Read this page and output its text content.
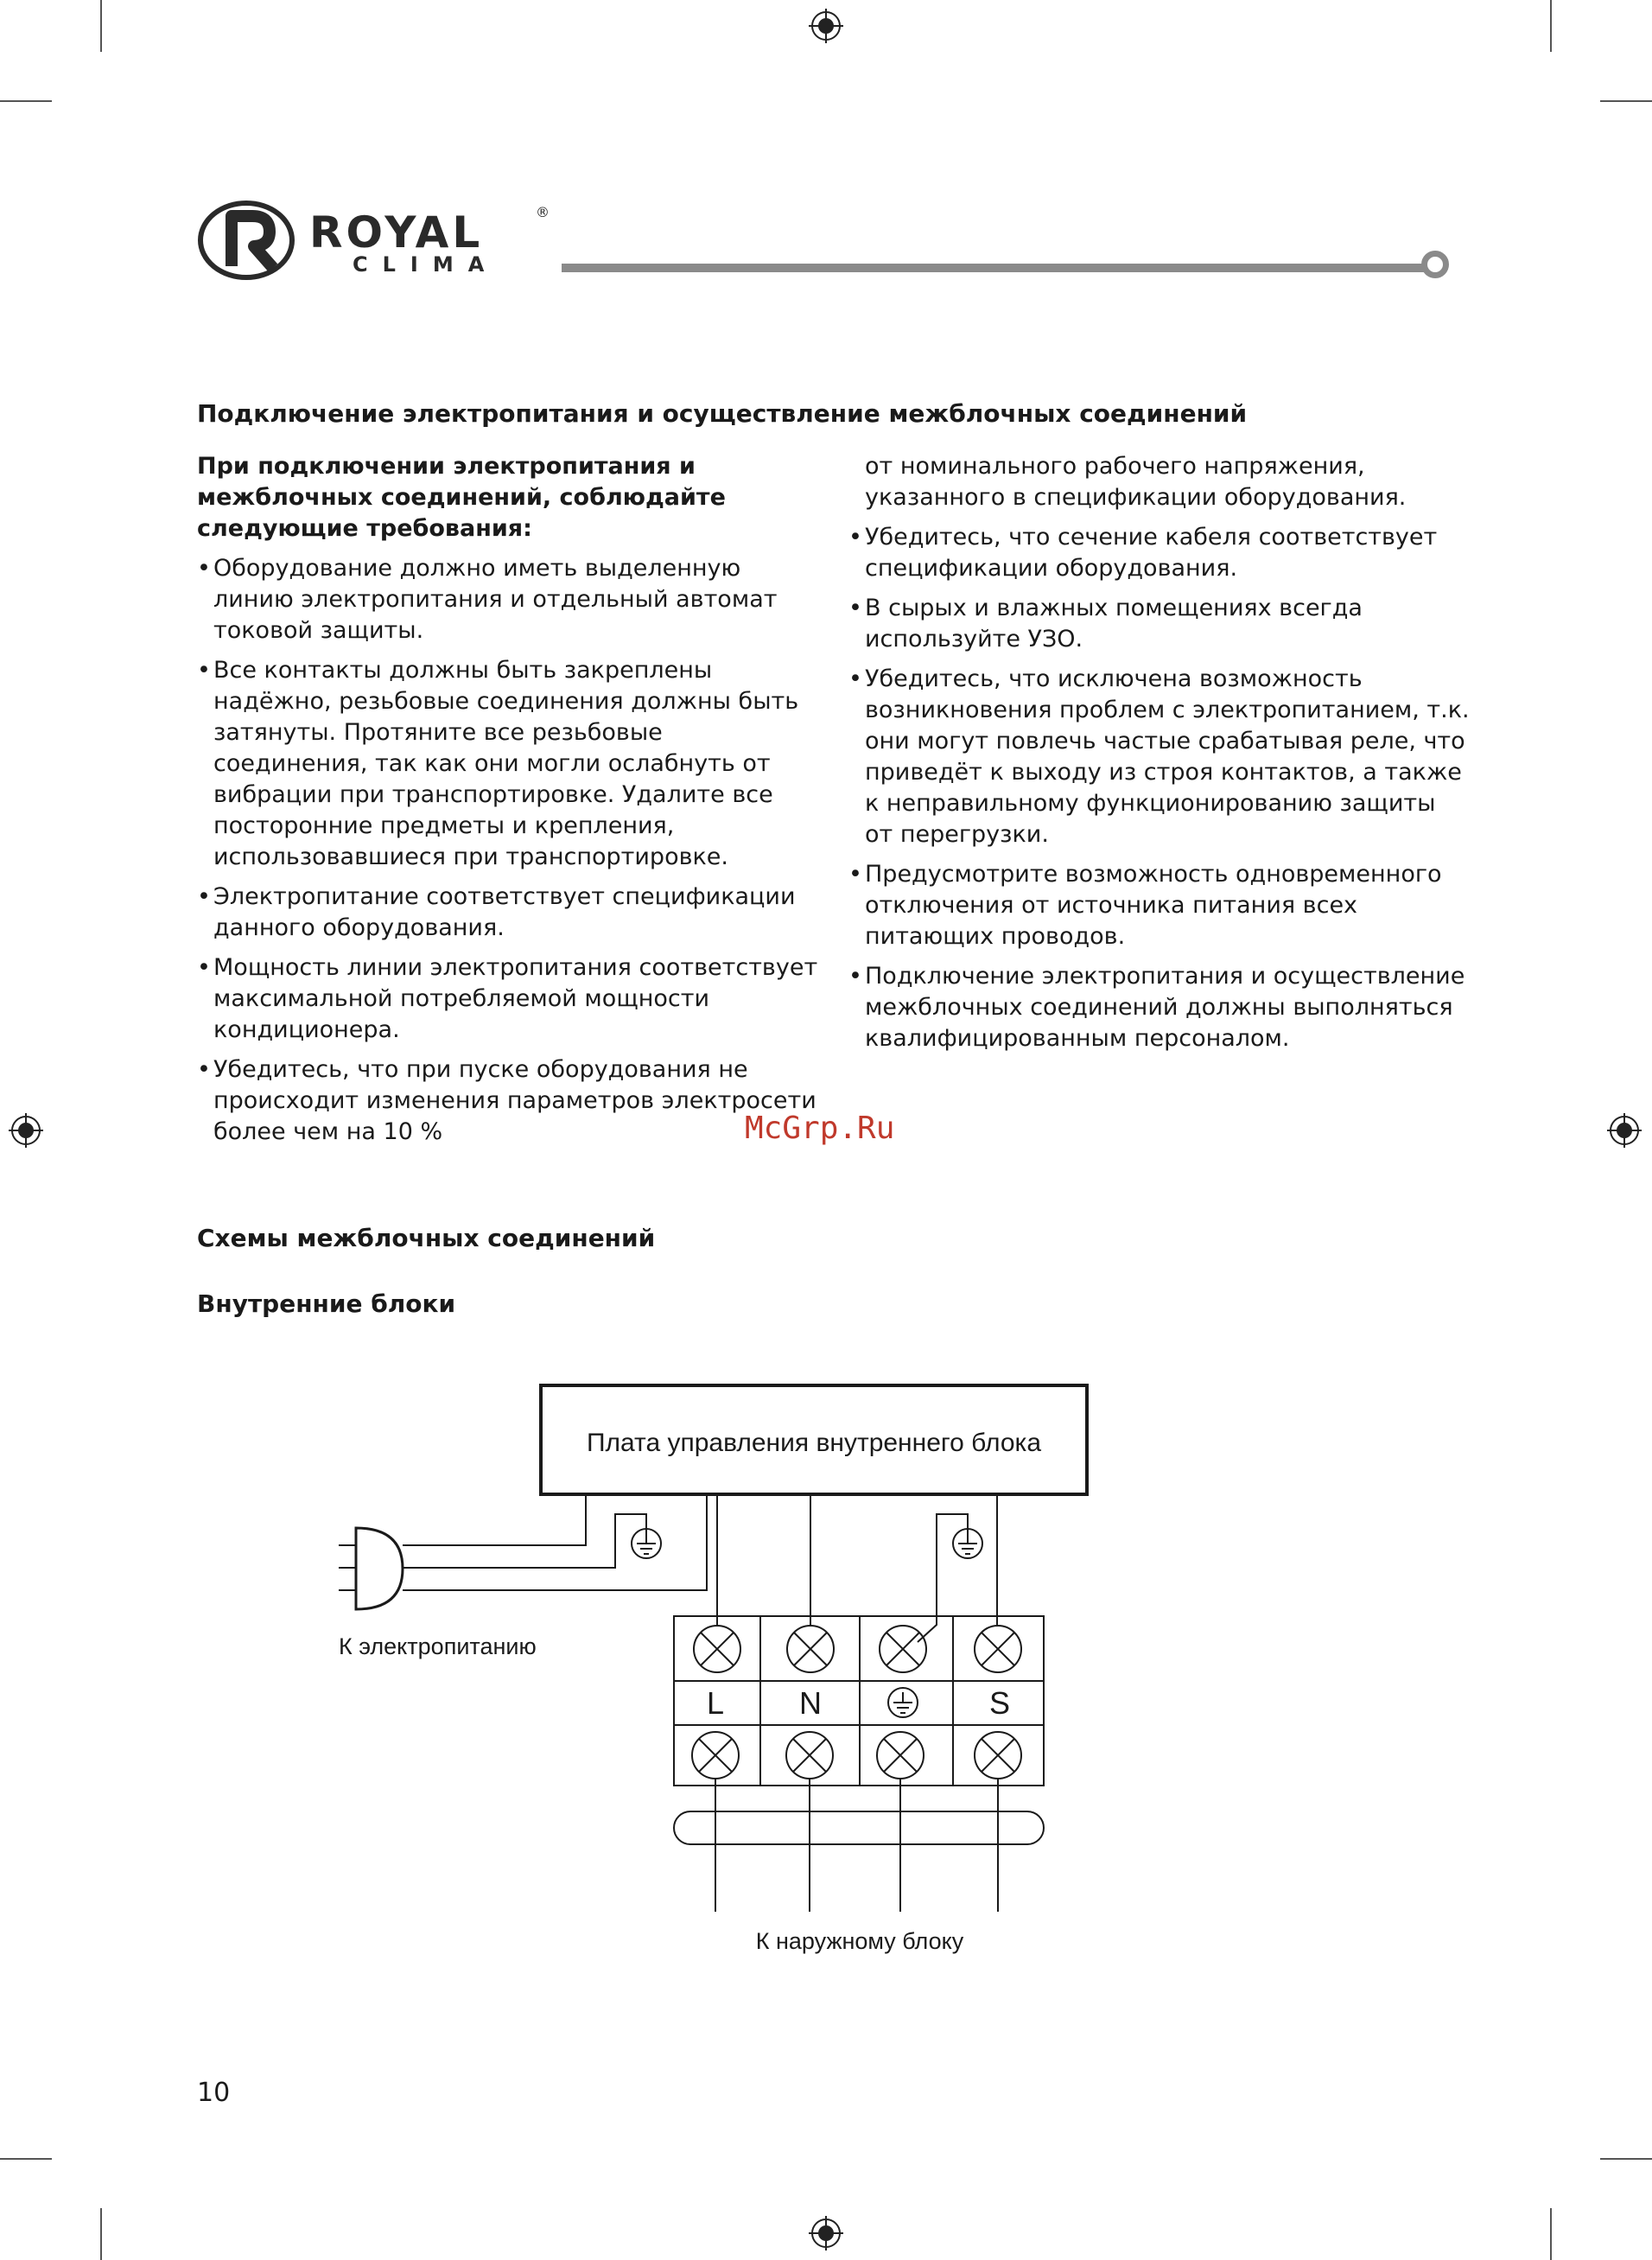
ROYAL	®
CLIMA
Подключение электропитания и осуществление межблочных соединений

При подключении электропитания и межблочных соединений, соблюдайте следующие требования:

• Оборудование должно иметь выделенную линию электропитания и отдельный автомат токовой защиты.
• Все контакты должны быть закреплены надёжно, резьбовые соединения должны быть затянуты. Протяните все резьбовые соединения, так как они могли ослабнуть от вибрации при транспортировке. Удалите все посторонние предметы и крепления, использовавшиеся при транспортировке.
• Электропитание соответствует спецификации данного оборудования.
• Мощность линии электропитания соответствует максимальной потребляемой мощности кондиционера.
• Убедитесь, что при пуске оборудования не происходит изменения параметров электросети более чем на 10 %

от номинального рабочего напряжения, указанного в спецификации оборудования.

• Убедитесь, что сечение кабеля соответствует спецификации оборудования.
• В сырых и влажных помещениях всегда используйте УЗО.
• Убедитесь, что исключена возможность возникновения проблем с электропитанием, т.к. они могут повлечь частые срабатывая реле, что приведёт к выходу из строя контактов, а также к неправильному функционированию защиты от перегрузки.
• Предусмотрите возможность одновременного отключения от источника питания всех питающих проводов.
• Подключение электропитания и осуществление межблочных соединений должны выполняться квалифицированным персоналом.
McGrp.Ru
Схемы межблочных соединений
Внутренние блоки
Плата управления внутреннего блока
К электропитанию
К наружному блоку
L N	S
10
